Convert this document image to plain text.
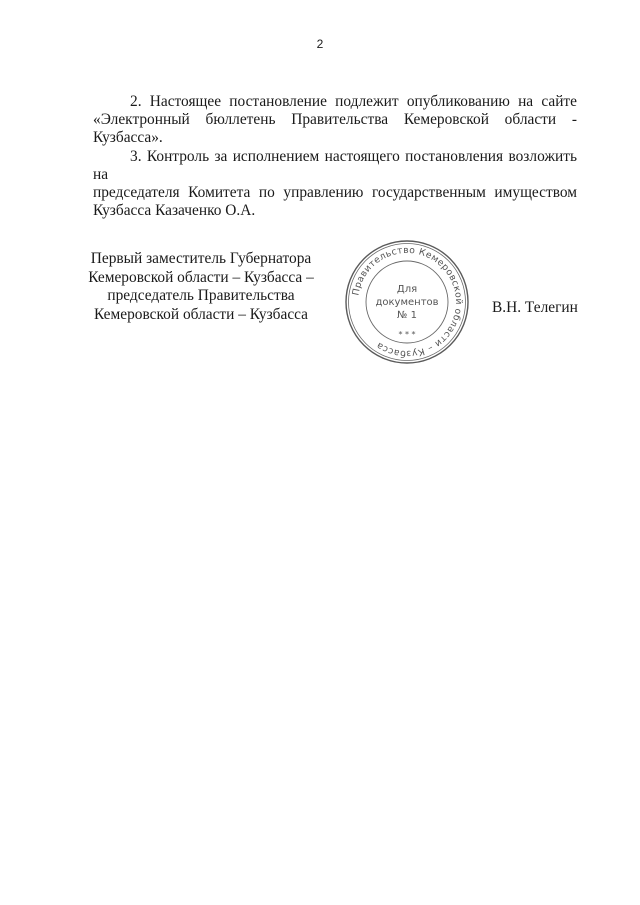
2

2. Настоящее постановление подлежит опубликованию на сайте
«Электронный бюллетень Правительства Кемеровской области -
Кузбасса».

3. Контроль за исполнением настоящего постановления возложить на
председателя Комитета по управлению государственным имуществом
Кузбасса Казаченко О.А.

Первый заместитель Губернатора
Кемеровской области – Кузбасса –
председатель Правительства
Кемеровской области – Кузбасса
Правительство Кемеровской области – Кузбасса
* * *
Для
документов
№ 1	В.Н. Телегин
